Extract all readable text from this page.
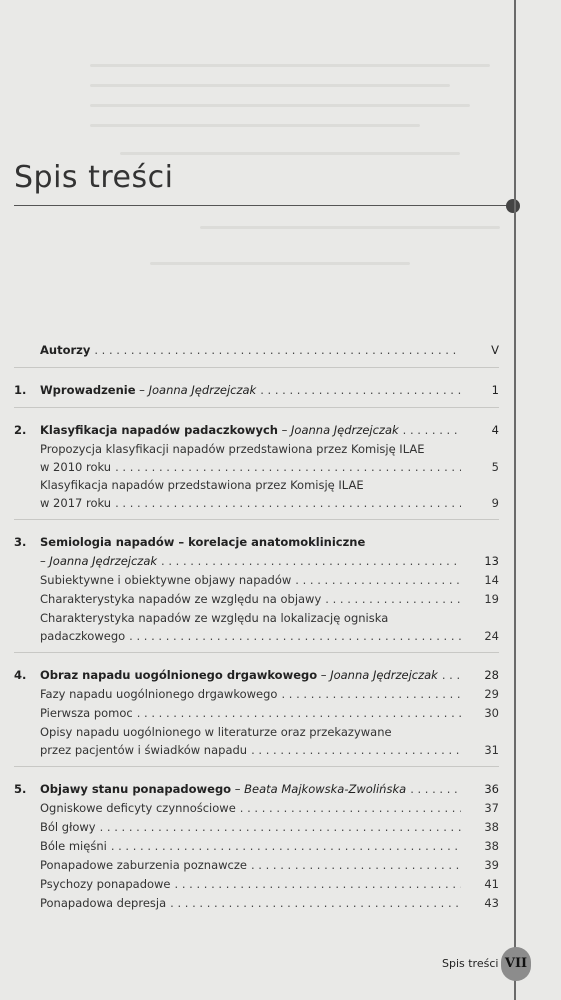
Spis treści
Autorzy . . .	V
1.	Wprowadzenie – Joanna Jędrzejczak . . .	1
2.	Klasyfikacja napadów padaczkowych – Joanna Jędrzejczak . . .	4
Propozycja klasyfikacji napadów przedstawiona przez Komisję ILAE
w 2010 roku . . .	5
Klasyfikacja napadów przedstawiona przez Komisję ILAE
w 2017 roku . . .	9
3.	Semiologia napadów – korelacje anatomokliniczne
– Joanna Jędrzejczak . . .	13
Subiektywne i obiektywne objawy napadów . . .	14
Charakterystyka napadów ze względu na objawy . . .	19
Charakterystyka napadów ze względu na lokalizację ogniska
padaczkowego . . .	24
4.	Obraz napadu uogólnionego drgawkowego – Joanna Jędrzejczak . . .	28
Fazy napadu uogólnionego drgawkowego . . .	29
Pierwsza pomoc . . .	30
Opisy napadu uogólnionego w literaturze oraz przekazywane
przez pacjentów i świadków napadu . . .	31
5.	Objawy stanu ponapadowego – Beata Majkowska-Zwolińska . . .	36
Ogniskowe deficyty czynnościowe . . .	37
Ból głowy . . .	38
Bóle mięśni . . .	38
Ponapadowe zaburzenia poznawcze . . .	39
Psychozy ponapadowe . . .	41
Ponapadowa depresja . . .	43
Spis treści VII
